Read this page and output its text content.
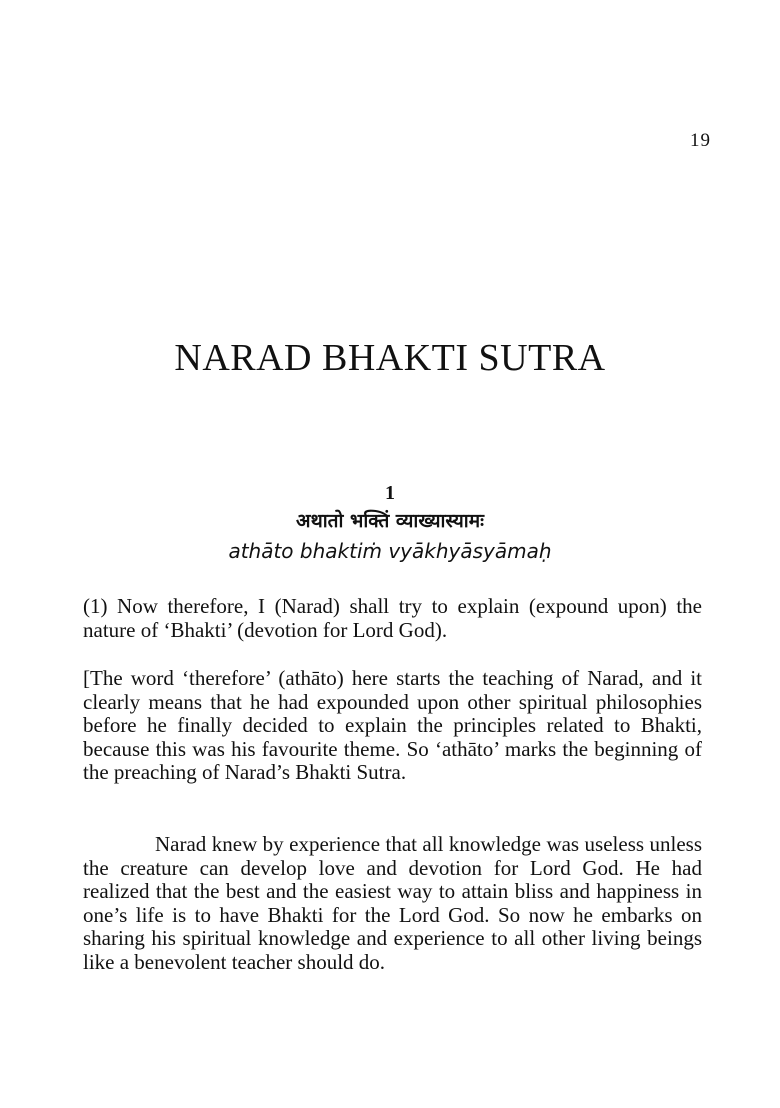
19
NARAD BHAKTI SUTRA
1
अथातो भक्तिं व्याख्यास्यामः
athāto bhaktiṁ vyākhyāsyāmaḥ

(1) Now therefore, I (Narad) shall try to explain (expound upon) the nature of ‘Bhakti’ (devotion for Lord God).

[The word ‘therefore’ (athāto) here starts the teaching of Narad, and it clearly means that he had expounded upon other spiritual philosophies before he finally decided to explain the principles related to Bhakti, because this was his favourite theme. So ‘athāto’ marks the beginning of the preaching of Narad’s Bhakti Sutra.

Narad knew by experience that all knowledge was useless unless the creature can develop love and devotion for Lord God. He had realized that the best and the easiest way to attain bliss and happiness in one’s life is to have Bhakti for the Lord God. So now he embarks on sharing his spiritual knowledge and experience to all other living beings like a benevolent teacher should do.
